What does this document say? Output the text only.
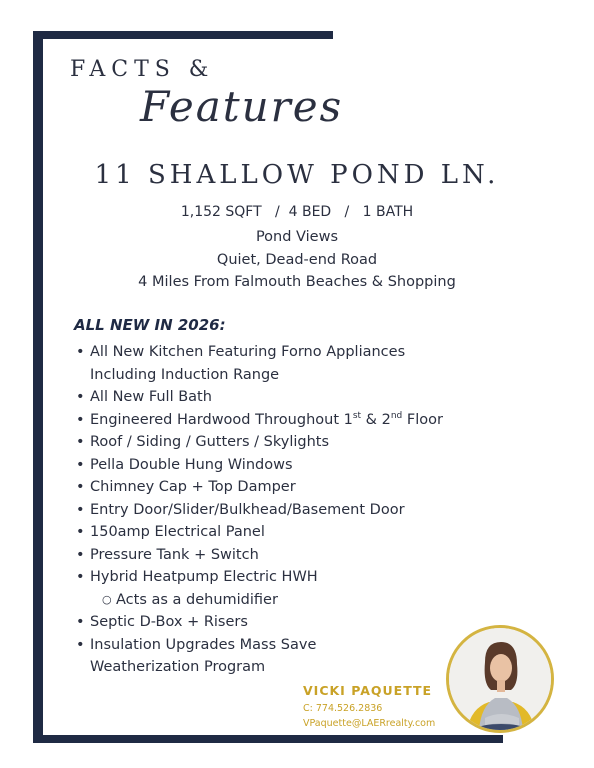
FACTS &
Features
11 SHALLOW POND LN.
1,152 SQFT   /  4 BED   /   1 BATH
Pond Views
Quiet, Dead-end Road
4 Miles From Falmouth Beaches & Shopping
ALL NEW IN 2026:
• All New Kitchen Featuring Forno Appliances
Including Induction Range
• All New Full Bath
• Engineered Hardwood Throughout 1st & 2nd Floor
• Roof / Siding / Gutters / Skylights
• Pella Double Hung Windows
• Chimney Cap + Top Damper
• Entry Door/Slider/Bulkhead/Basement Door
• 150amp Electrical Panel
• Pressure Tank + Switch
• Hybrid Heatpump Electric HWH
○ Acts as a dehumidifier
• Septic D-Box + Risers
• Insulation Upgrades Mass Save
Weatherization Program
VICKI PAQUETTE
C: 774.526.2836
VPaquette@LAERrealty.com
